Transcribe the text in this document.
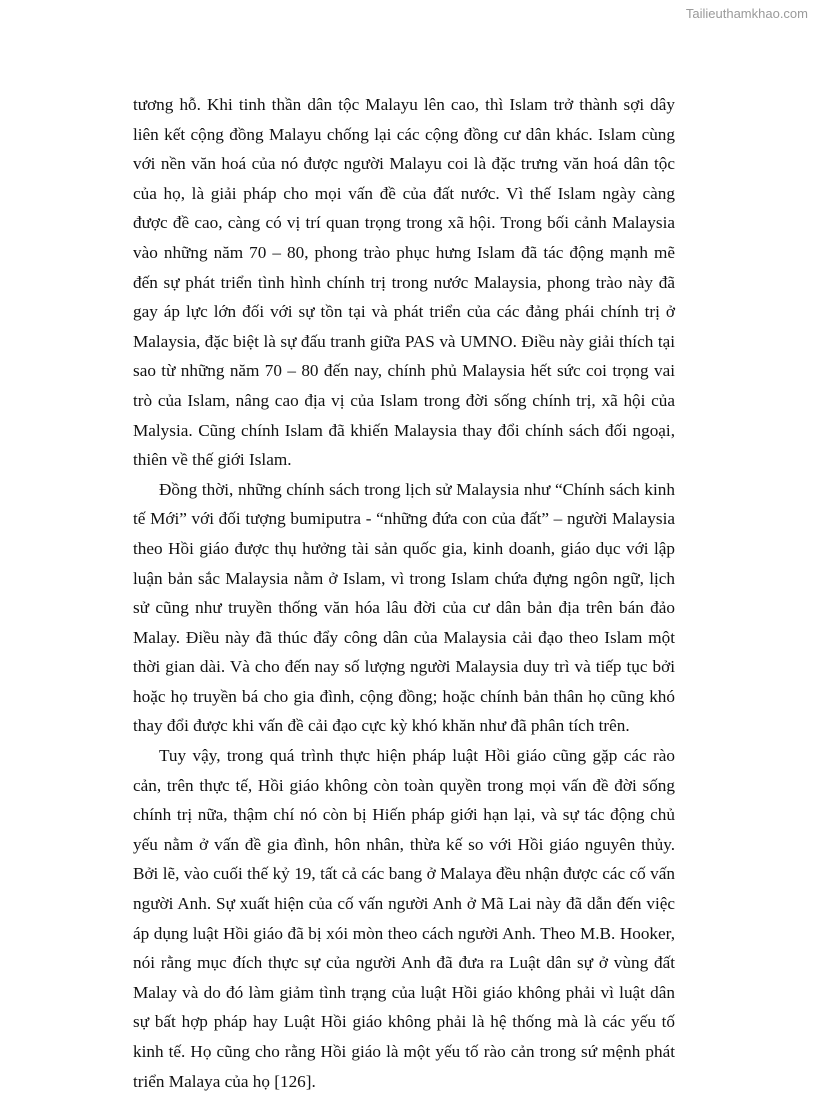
Tailieuthamkhao.com

tương hỗ. Khi tinh thần dân tộc Malayu lên cao, thì Islam trở thành sợi dây liên kết cộng đồng Malayu chống lại các cộng đồng cư dân khác. Islam cùng với nền văn hoá của nó được người Malayu coi là đặc trưng văn hoá dân tộc của họ, là giải pháp cho mọi vấn đề của đất nước. Vì thế Islam ngày càng được đề cao, càng có vị trí quan trọng trong xã hội. Trong bối cảnh Malaysia vào những năm 70 – 80, phong trào phục hưng Islam đã tác động mạnh mẽ đến sự phát triển tình hình chính trị trong nước Malaysia, phong trào này đã gay áp lực lớn đối với sự tồn tại và phát triển của các đảng phái chính trị ở Malaysia, đặc biệt là sự đấu tranh giữa PAS và UMNO. Điều này giải thích tại sao từ những năm 70 – 80 đến nay, chính phủ Malaysia hết sức coi trọng vai trò của Islam, nâng cao địa vị của Islam trong đời sống chính trị, xã hội của Malysia. Cũng chính Islam đã khiến Malaysia thay đổi chính sách đối ngoại, thiên về thế giới Islam.

Đồng thời, những chính sách trong lịch sử Malaysia như “Chính sách kinh tế Mới” với đối tượng bumiputra - “những đứa con của đất” – người Malaysia theo Hồi giáo được thụ hưởng tài sản quốc gia, kinh doanh, giáo dục với lập luận bản sắc Malaysia nằm ở Islam, vì trong Islam chứa đựng ngôn ngữ, lịch sử cũng như truyền thống văn hóa lâu đời của cư dân bản địa trên bán đảo Malay. Điều này đã thúc đẩy công dân của Malaysia cải đạo theo Islam một thời gian dài. Và cho đến nay số lượng người Malaysia duy trì và tiếp tục bởi hoặc họ truyền bá cho gia đình, cộng đồng; hoặc chính bản thân họ cũng khó thay đổi được khi vấn đề cải đạo cực kỳ khó khăn như đã phân tích trên.

Tuy vậy, trong quá trình thực hiện pháp luật Hồi giáo cũng gặp các rào cản, trên thực tế, Hồi giáo không còn toàn quyền trong mọi vấn đề đời sống chính trị nữa, thậm chí nó còn bị Hiến pháp giới hạn lại, và sự tác động chủ yếu nằm ở vấn đề gia đình, hôn nhân, thừa kế so với Hồi giáo nguyên thủy. Bởi lẽ, vào cuối thế kỷ 19, tất cả các bang ở Malaya đều nhận được các cố vấn người Anh. Sự xuất hiện của cố vấn người Anh ở Mã Lai này đã dẫn đến việc áp dụng luật Hồi giáo đã bị xói mòn theo cách người Anh. Theo M.B. Hooker, nói rằng mục đích thực sự của người Anh đã đưa ra Luật dân sự ở vùng đất Malay và do đó làm giảm tình trạng của luật Hồi giáo không phải vì luật dân sự bất hợp pháp hay Luật Hồi giáo không phải là hệ thống mà là các yếu tố kinh tế. Họ cũng cho rằng Hồi giáo là một yếu tố rào cản trong sứ mệnh phát triển Malaya của họ [126].
